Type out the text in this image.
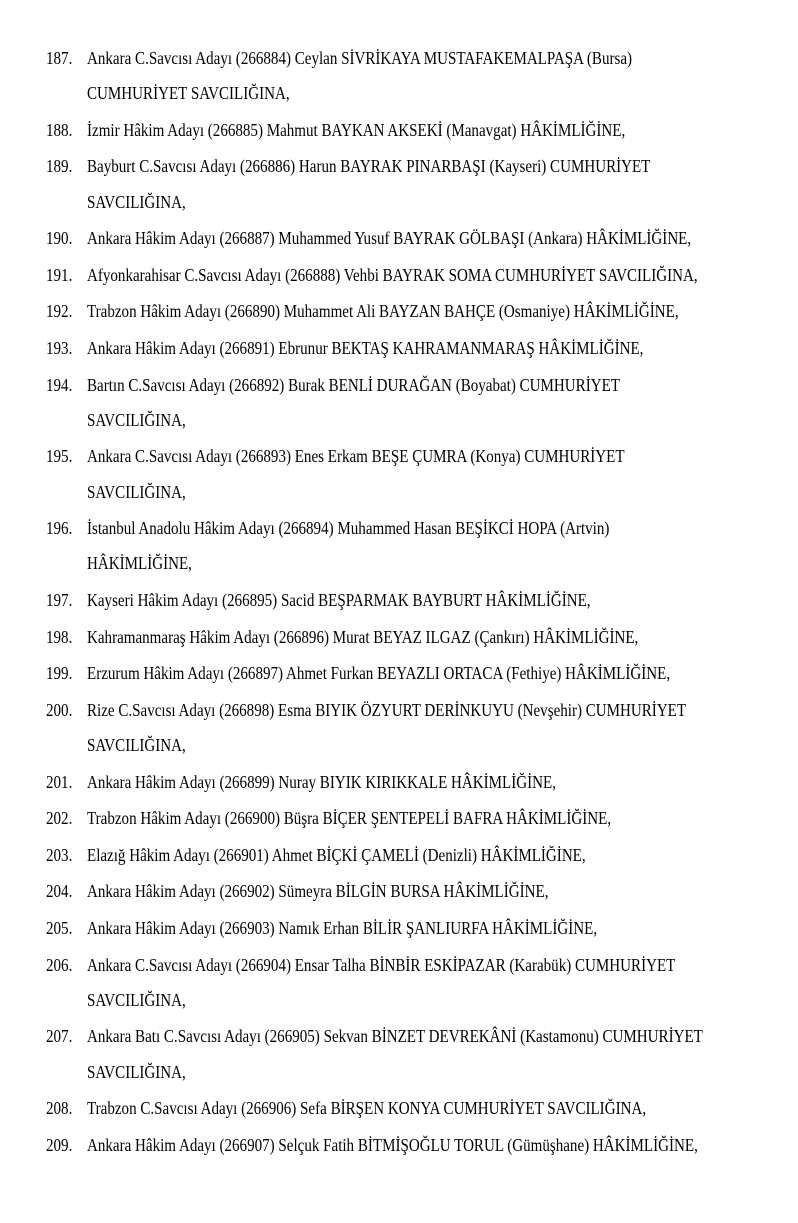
187. Ankara C.Savcısı Adayı (266884) Ceylan SİVRİKAYA MUSTAFAKEMALPAŞA (Bursa)
CUMHURİYET SAVCILIĞINA,
188. İzmir Hâkim Adayı (266885) Mahmut BAYKAN AKSEKİ (Manavgat) HÂKİMLİĞİNE,
189. Bayburt C.Savcısı Adayı (266886) Harun BAYRAK PINARBAŞI (Kayseri) CUMHURİYET
SAVCILIĞINA,
190. Ankara Hâkim Adayı (266887) Muhammed Yusuf BAYRAK GÖLBAŞI (Ankara) HÂKİMLİĞİNE,
191. Afyonkarahisar C.Savcısı Adayı (266888) Vehbi BAYRAK SOMA CUMHURİYET SAVCILIĞINA,
192. Trabzon Hâkim Adayı (266890) Muhammet Ali BAYZAN BAHÇE (Osmaniye) HÂKİMLİĞİNE,
193. Ankara Hâkim Adayı (266891) Ebrunur BEKTAŞ KAHRAMANMARAŞ HÂKİMLİĞİNE,
194. Bartın C.Savcısı Adayı (266892) Burak BENLİ DURAĞAN (Boyabat) CUMHURİYET
SAVCILIĞINA,
195. Ankara C.Savcısı Adayı (266893) Enes Erkam BEŞE ÇUMRA (Konya) CUMHURİYET
SAVCILIĞINA,
196. İstanbul Anadolu Hâkim Adayı (266894) Muhammed Hasan BEŞİKCİ HOPA (Artvin)
HÂKİMLİĞİNE,
197. Kayseri Hâkim Adayı (266895) Sacid BEŞPARMAK BAYBURT HÂKİMLİĞİNE,
198. Kahramanmaraş Hâkim Adayı (266896) Murat BEYAZ ILGAZ (Çankırı) HÂKİMLİĞİNE,
199. Erzurum Hâkim Adayı (266897) Ahmet Furkan BEYAZLI ORTACA (Fethiye) HÂKİMLİĞİNE,
200. Rize C.Savcısı Adayı (266898) Esma BIYIK ÖZYURT DERİNKUYU (Nevşehir) CUMHURİYET
SAVCILIĞINA,
201. Ankara Hâkim Adayı (266899) Nuray BIYIK KIRIKKALE HÂKİMLİĞİNE,
202. Trabzon Hâkim Adayı (266900) Büşra BİÇER ŞENTEPELİ BAFRA HÂKİMLİĞİNE,
203. Elazığ Hâkim Adayı (266901) Ahmet BİÇKİ ÇAMELİ (Denizli) HÂKİMLİĞİNE,
204. Ankara Hâkim Adayı (266902) Sümeyra BİLGİN BURSA HÂKİMLİĞİNE,
205. Ankara Hâkim Adayı (266903) Namık Erhan BİLİR ŞANLIURFA HÂKİMLİĞİNE,
206. Ankara C.Savcısı Adayı (266904) Ensar Talha BİNBİR ESKİPAZAR (Karabük) CUMHURİYET
SAVCILIĞINA,
207. Ankara Batı C.Savcısı Adayı (266905) Sekvan BİNZET DEVREKÂNİ (Kastamonu) CUMHURİYET
SAVCILIĞINA,
208. Trabzon C.Savcısı Adayı (266906) Sefa BİRŞEN KONYA CUMHURİYET SAVCILIĞINA,
209. Ankara Hâkim Adayı (266907) Selçuk Fatih BİTMİŞOĞLU TORUL (Gümüşhane) HÂKİMLİĞİNE,
